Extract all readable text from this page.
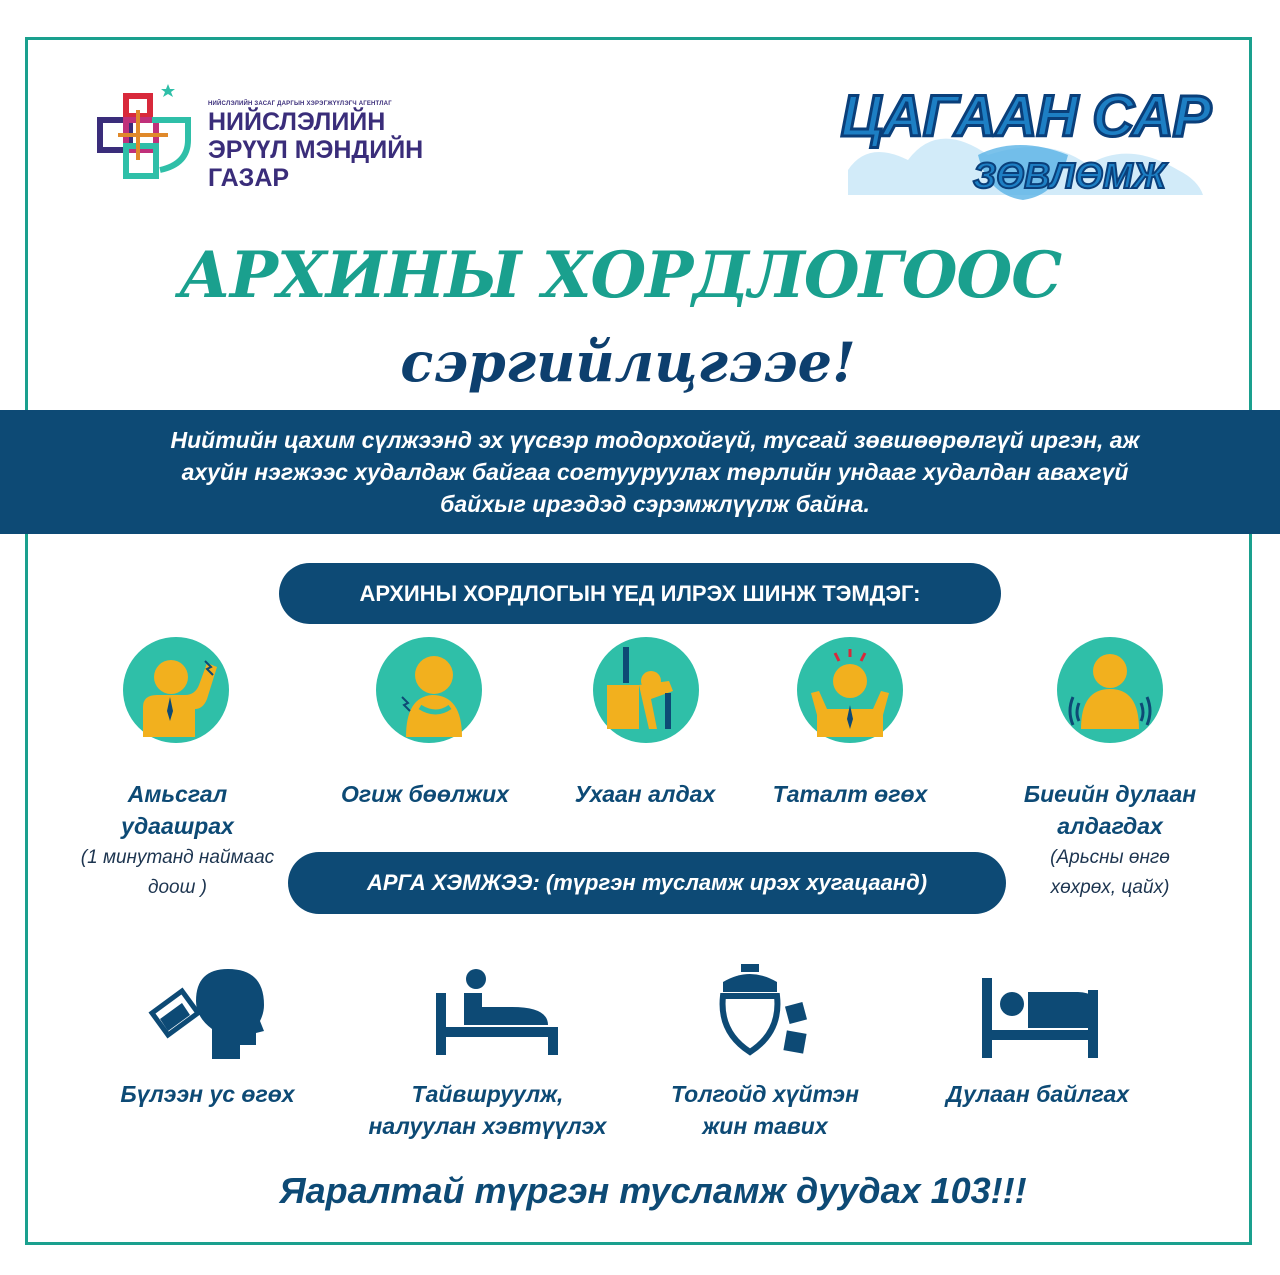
НИЙСЛЭЛИЙН ЗАСАГ ДАРГЫН ХЭРЭГЖҮҮЛЭГЧ АГЕНТЛАГ
НИЙСЛЭЛИЙН
ЭРҮҮЛ МЭНДИЙН
ГАЗАР
ЦАГААН САР
ЗӨВЛӨМЖ
АРХИНЫ ХОРДЛОГООС
сэргийлцгээе!
Нийтийн цахим сүлжээнд эх үүсвэр тодорхойгүй, тусгай зөвшөөрөлгүй иргэн, аж ахуйн нэгжээс худалдаж байгаа согтууруулах төрлийн ундааг худалдан авахгүй байхыг иргэдэд сэрэмжлүүлж байна.
АРХИНЫ ХОРДЛОГЫН ҮЕД ИЛРЭХ ШИНЖ ТЭМДЭГ:
Амьсгал удаашрах
(1 минутанд наймаас доош )
Огиж бөөлжих	Ухаан алдах	Таталт өгөх	Биеийн дулаан алдагдах
(Арьсны өнгө хөхрөх, цайх)
АРГА ХЭМЖЭЭ: (түргэн тусламж ирэх хугацаанд)
Бүлээн ус өгөх	Тайвшруулж, налуулан хэвтүүлэх
Толгойд хүйтэн жин тавих
Дулаан байлгах
Яаралтай түргэн тусламж дуудах 103!!!
